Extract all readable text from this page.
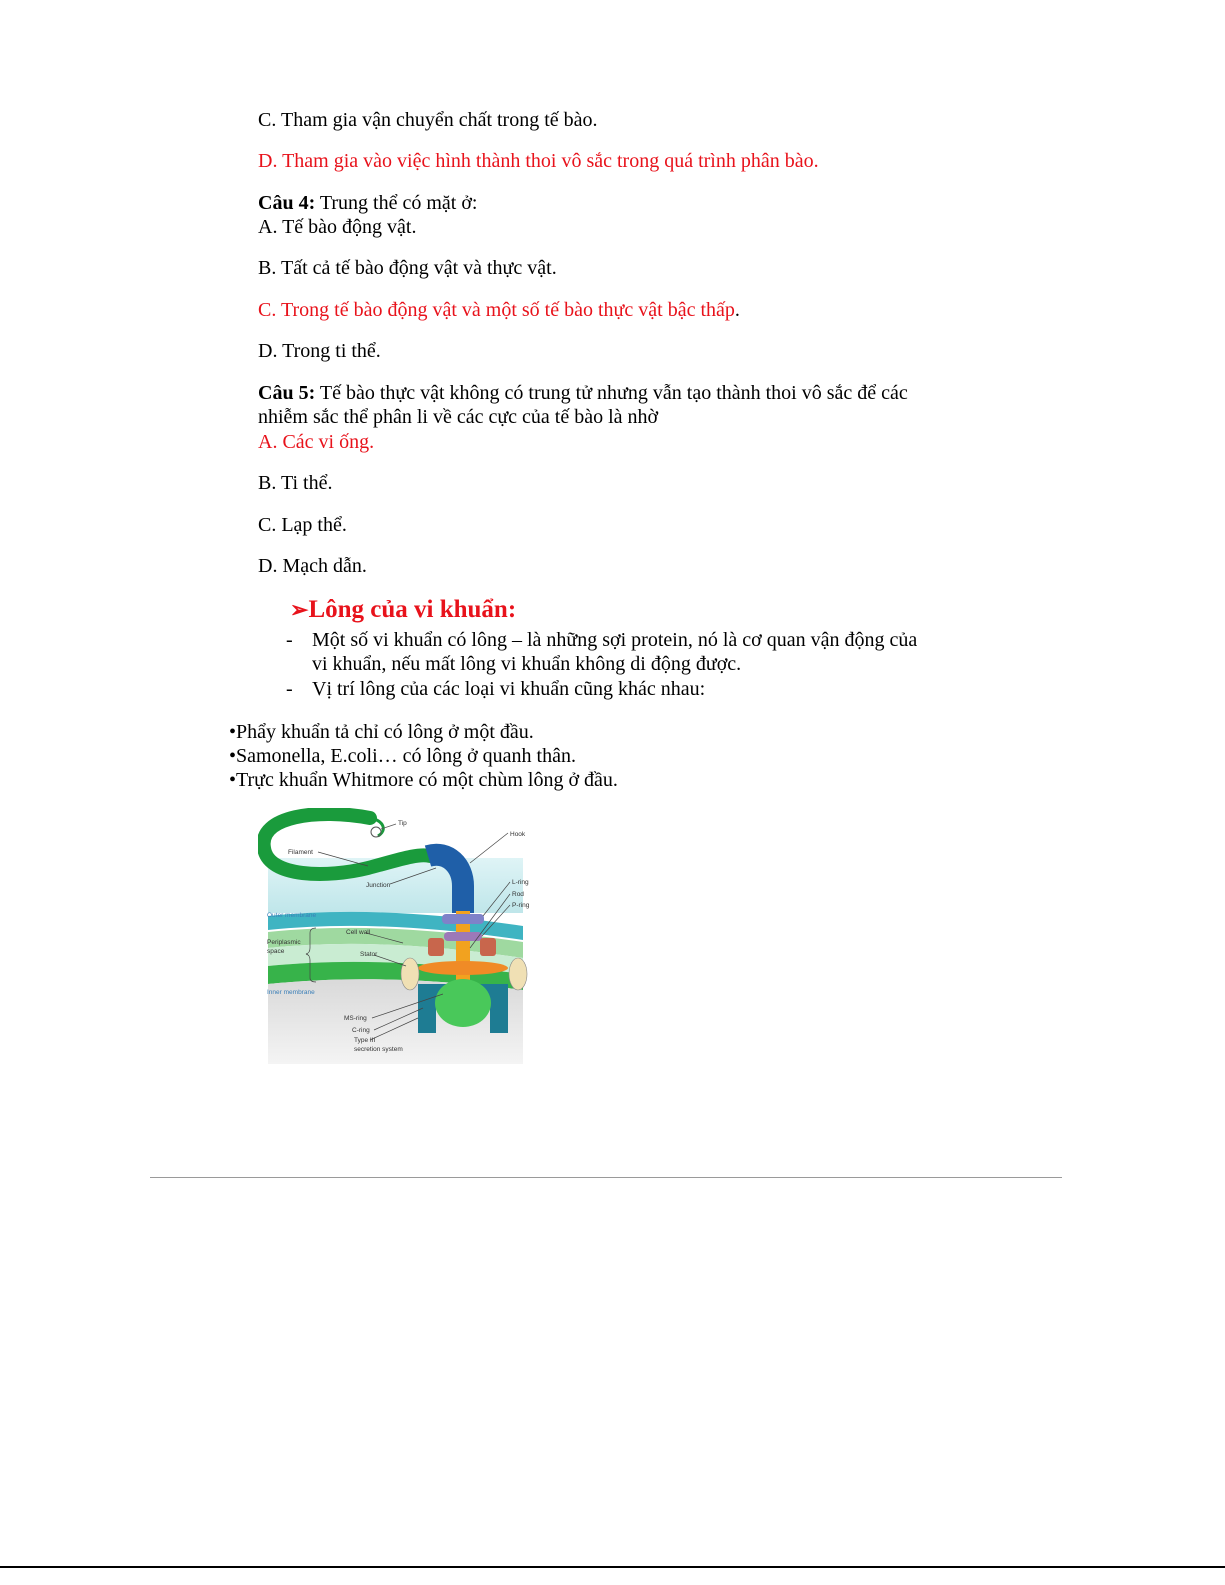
C. Tham gia vận chuyển chất trong tế bào.
D. Tham gia vào việc hình thành thoi vô sắc trong quá trình phân bào.
Câu 4: Trung thể có mặt ở:
A. Tế bào động vật.
B. Tất cả tế bào động vật và thực vật.
C. Trong tế bào động vật và một số tế bào thực vật bậc thấp.
D. Trong ti thể.
Câu 5: Tế bào thực vật không có trung tử nhưng vẫn tạo thành thoi vô sắc để các
nhiễm sắc thể phân li về các cực của tế bào là nhờ
A. Các vi ống.
B. Ti thể.
C. Lạp thể.
D. Mạch dẫn.
➢Lông của vi khuẩn:
- Một số vi khuẩn có lông – là những sợi protein, nó là cơ quan vận động của
vi khuẩn, nếu mất lông vi khuẩn không di động được.
- Vị trí lông của các loại vi khuẩn cũng khác nhau:
•Phẩy khuẩn tả chỉ có lông ở một đầu.
•Samonella, E.coli… có lông ở quanh thân.
•Trực khuẩn Whitmore có một chùm lông ở đầu.
Tip
Hook
Filament
Junction	L-ring
Rod
P-ring
Outer membrane
Periplasmic
space
Cell wall
Stator
Inner membrane
MS-ring
C-ring
Type III
secretion system
